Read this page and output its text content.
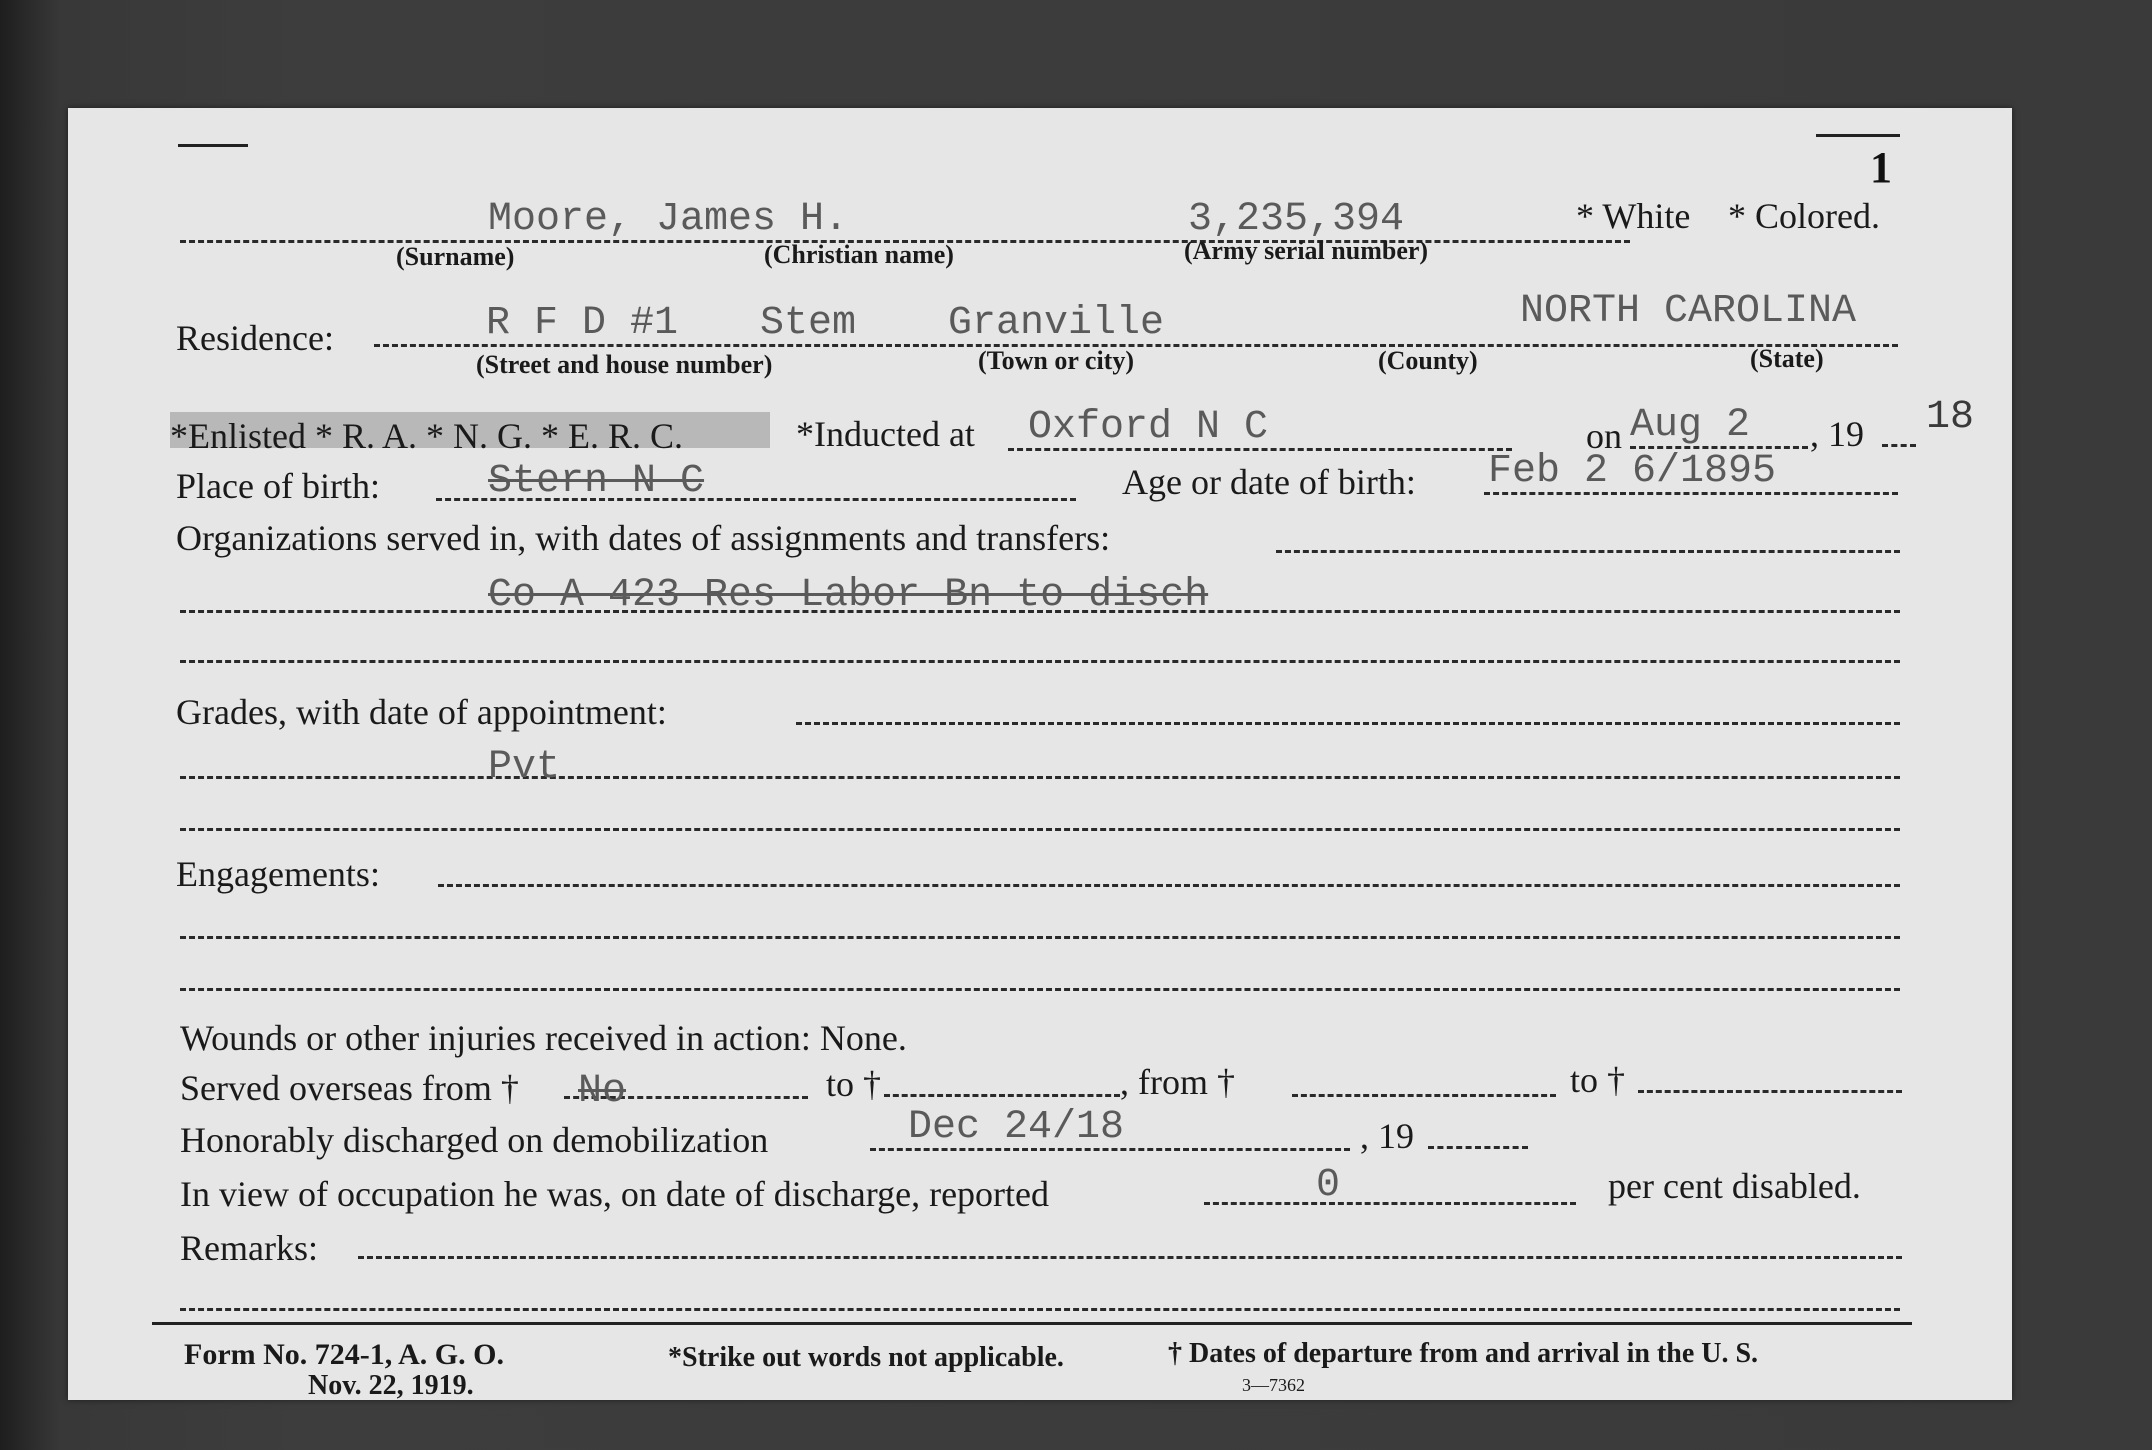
1
Moore, James H.	3,235,394	* White * Colored.
(Surname)	(Christian name)	(Army serial number)
Residence:	R F D #1 Stem Granville	NORTH CAROLINA
(Street and house number)	(Town or city)	(County)	(State)
*Enlisted * R. A. * N. G. * E. R. C.	*Inducted at Oxford N C	on Aug 2 , 19 18
Place of birth:	Stern N C	Age or date of birth: Feb 2 6/1895
Organizations served in, with dates of assignments and transfers:
Co A 423 Res Labor Bn to disch
Grades, with date of appointment:
Pvt
Engagements:
Wounds or other injuries received in action: None.
Served overseas from † No	to †	, from †	to †
Honorably discharged on demobilization	Dec 24/18	, 19
In view of occupation he was, on date of discharge, reported	0	per cent disabled.
Remarks:
Form No. 724-1, A. G. O.
Nov. 22, 1919.
*Strike out words not applicable.	† Dates of departure from and arrival in the U. S.
3—7362
